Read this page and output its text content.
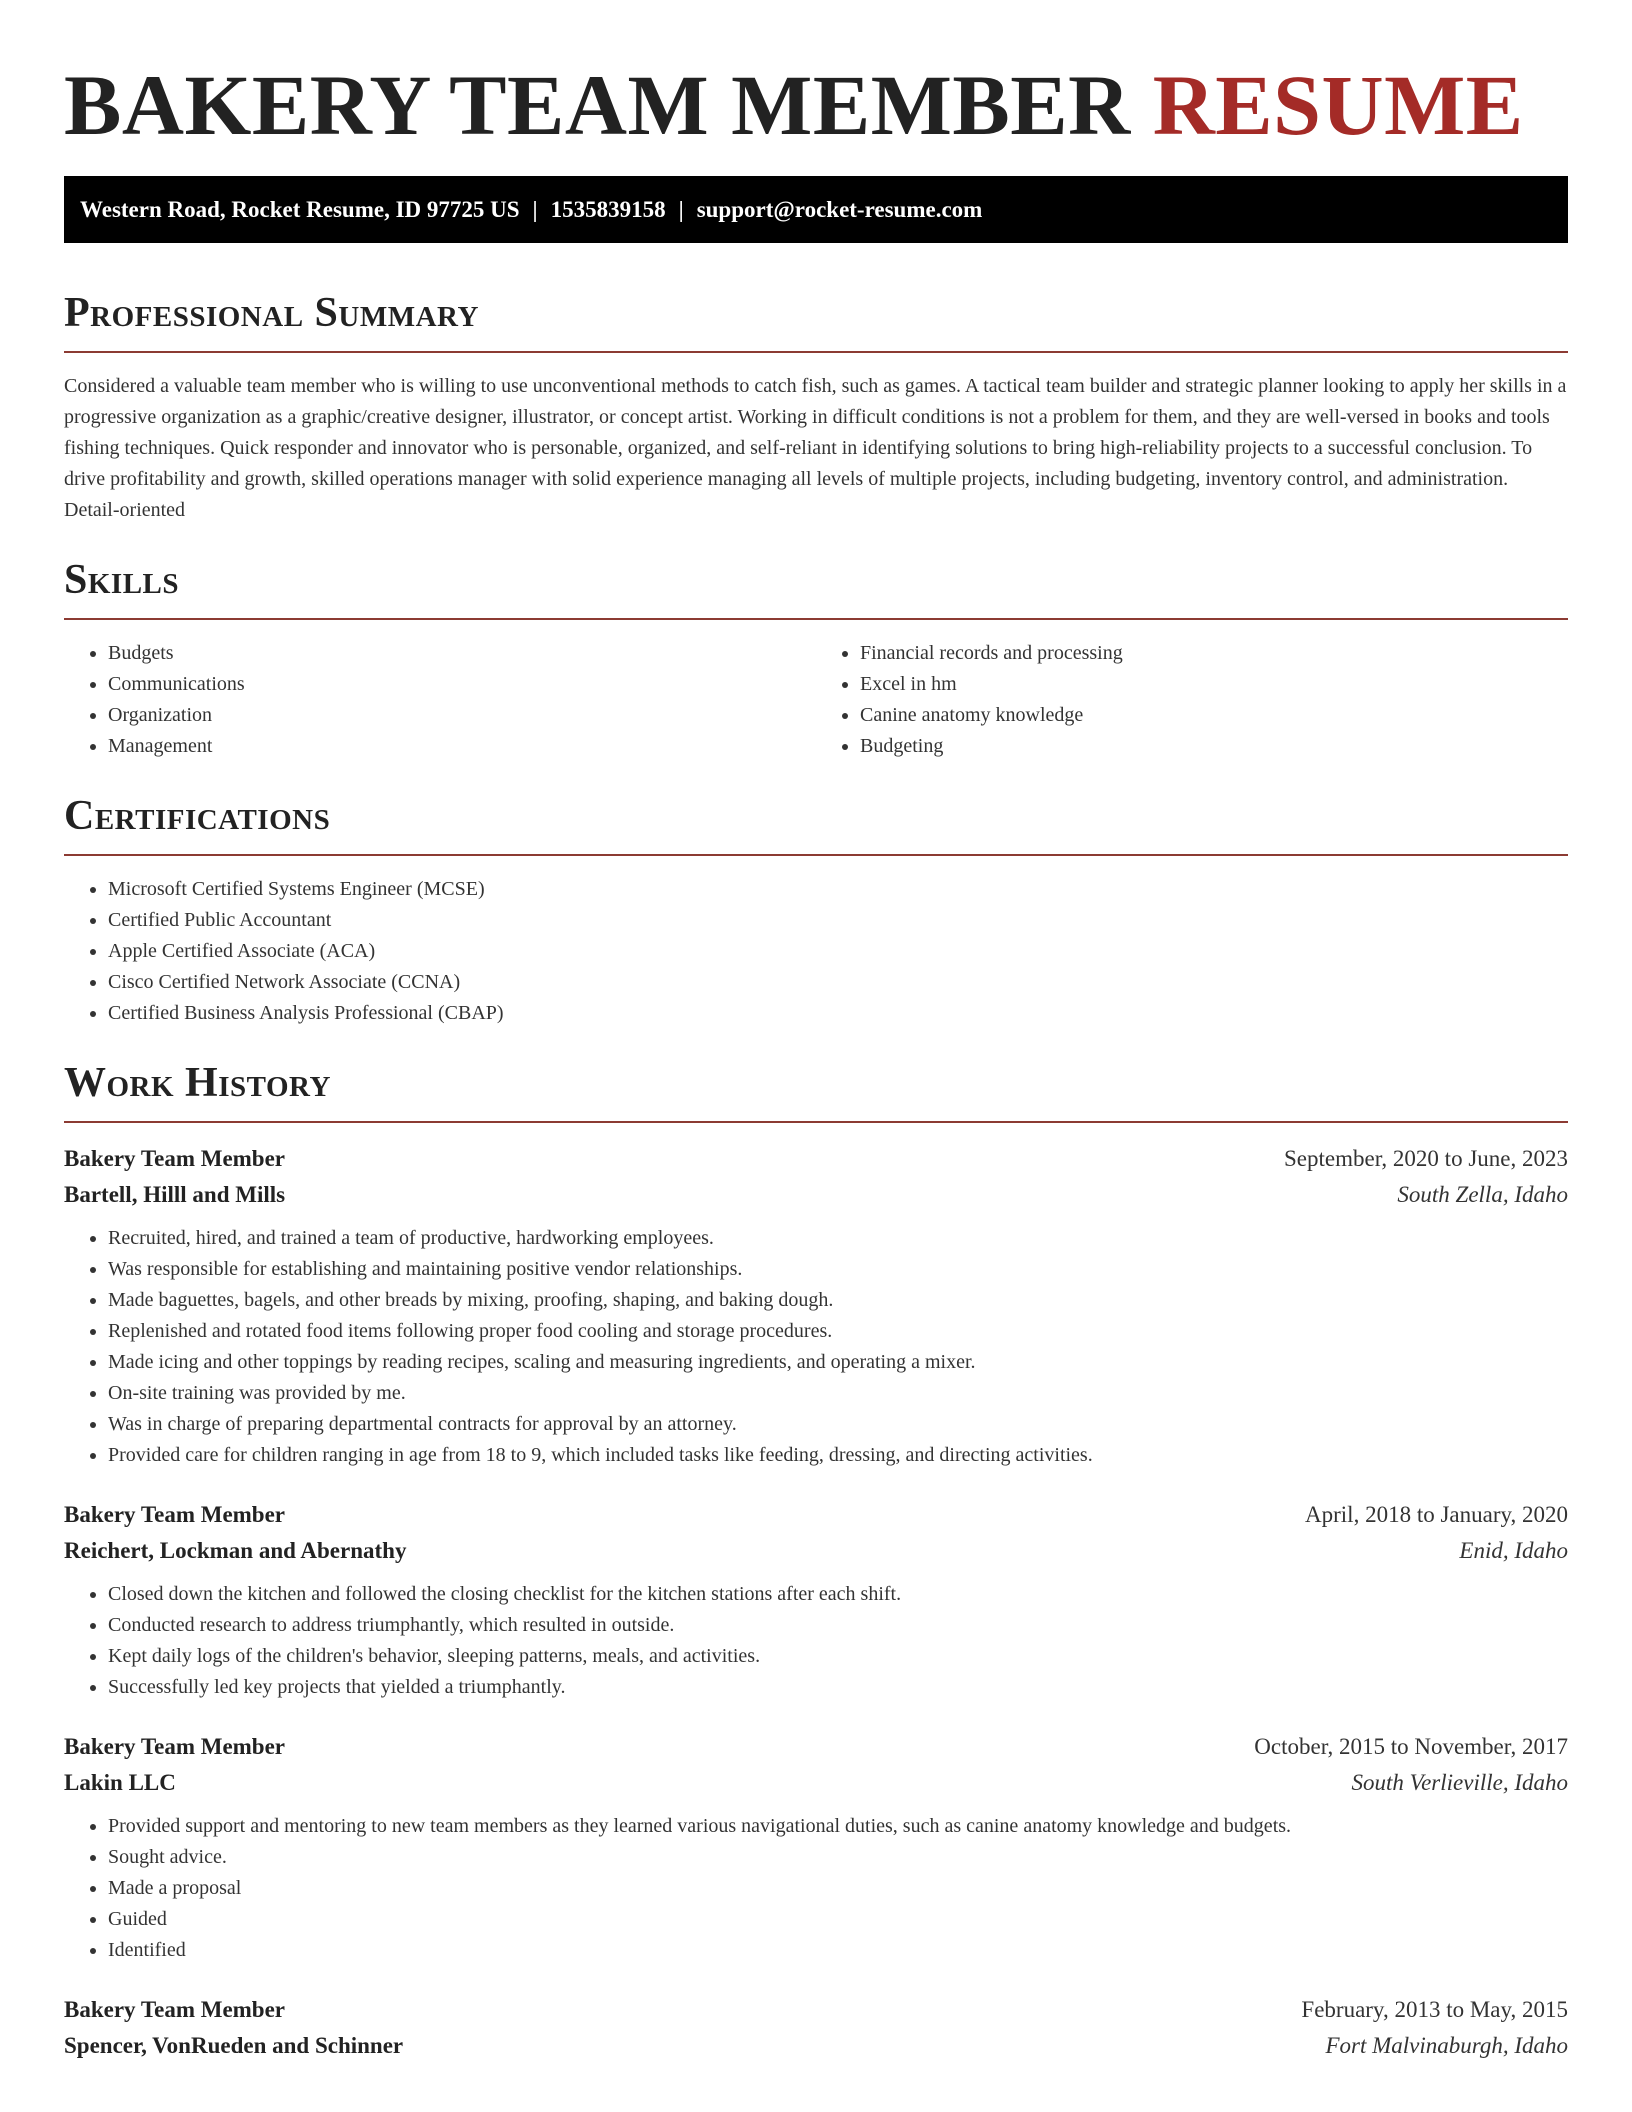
BAKERY TEAM MEMBER RESUME
Western Road, Rocket Resume, ID 97725 US | 1535839158 | support@rocket-resume.com
Professional Summary

Considered a valuable team member who is willing to use unconventional methods to catch fish, such as games. A tactical team builder and strategic planner looking to apply her skills in a progressive organization as a graphic/creative designer, illustrator, or concept artist. Working in difficult conditions is not a problem for them, and they are well-versed in books and tools fishing techniques. Quick responder and innovator who is personable, organized, and self-reliant in identifying solutions to bring high-reliability projects to a successful conclusion. To drive profitability and growth, skilled operations manager with solid experience managing all levels of multiple projects, including budgeting, inventory control, and administration. Detail-oriented

Skills
• Budgets
• Communications
• Organization
• Management
• Financial records and processing
• Excel in hm
• Canine anatomy knowledge
• Budgeting
Certifications
• Microsoft Certified Systems Engineer (MCSE)
• Certified Public Accountant
• Apple Certified Associate (ACA)
• Cisco Certified Network Associate (CCNA)
• Certified Business Analysis Professional (CBAP)
Work History
Bakery Team Member	September, 2020 to June, 2023
Bartell, Hilll and Mills	South Zella, Idaho
• Recruited, hired, and trained a team of productive, hardworking employees.
• Was responsible for establishing and maintaining positive vendor relationships.
• Made baguettes, bagels, and other breads by mixing, proofing, shaping, and baking dough.
• Replenished and rotated food items following proper food cooling and storage procedures.
• Made icing and other toppings by reading recipes, scaling and measuring ingredients, and operating a mixer.
• On-site training was provided by me.
• Was in charge of preparing departmental contracts for approval by an attorney.
• Provided care for children ranging in age from 18 to 9, which included tasks like feeding, dressing, and directing activities.
Bakery Team Member	April, 2018 to January, 2020
Reichert, Lockman and Abernathy	Enid, Idaho
• Closed down the kitchen and followed the closing checklist for the kitchen stations after each shift.
• Conducted research to address triumphantly, which resulted in outside.
• Kept daily logs of the children's behavior, sleeping patterns, meals, and activities.
• Successfully led key projects that yielded a triumphantly.
Bakery Team Member	October, 2015 to November, 2017
Lakin LLC	South Verlieville, Idaho
• Provided support and mentoring to new team members as they learned various navigational duties, such as canine anatomy knowledge and budgets.
• Sought advice.
• Made a proposal
• Guided
• Identified
Bakery Team Member	February, 2013 to May, 2015
Spencer, VonRueden and Schinner	Fort Malvinaburgh, Idaho
